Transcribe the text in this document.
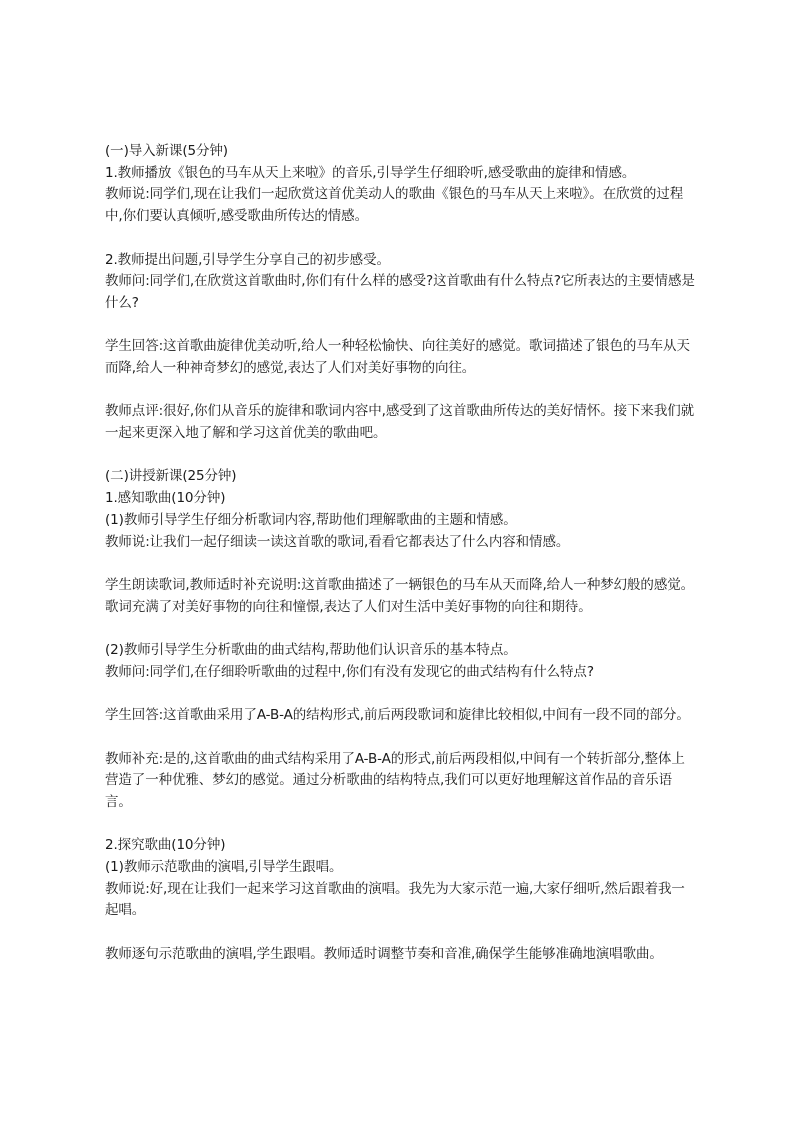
(一)导入新课(5分钟)

1.教师播放《银色的马车从天上来啦》的音乐,引导学生仔细聆听,感受歌曲的旋律和情感。

教师说:同学们,现在让我们一起欣赏这首优美动人的歌曲《银色的马车从天上来啦》。在欣赏的过程中,你们要认真倾听,感受歌曲所传达的情感。

2.教师提出问题,引导学生分享自己的初步感受。

教师问:同学们,在欣赏这首歌曲时,你们有什么样的感受?这首歌曲有什么特点?它所表达的主要情感是什么?

学生回答:这首歌曲旋律优美动听,给人一种轻松愉快、向往美好的感觉。歌词描述了银色的马车从天而降,给人一种神奇梦幻的感觉,表达了人们对美好事物的向往。

教师点评:很好,你们从音乐的旋律和歌词内容中,感受到了这首歌曲所传达的美好情怀。接下来我们就一起来更深入地了解和学习这首优美的歌曲吧。

(二)讲授新课(25分钟)

1.感知歌曲(10分钟)

(1)教师引导学生仔细分析歌词内容,帮助他们理解歌曲的主题和情感。

教师说:让我们一起仔细读一读这首歌的歌词,看看它都表达了什么内容和情感。

学生朗读歌词,教师适时补充说明:这首歌曲描述了一辆银色的马车从天而降,给人一种梦幻般的感觉。歌词充满了对美好事物的向往和憧憬,表达了人们对生活中美好事物的向往和期待。

(2)教师引导学生分析歌曲的曲式结构,帮助他们认识音乐的基本特点。

教师问:同学们,在仔细聆听歌曲的过程中,你们有没有发现它的曲式结构有什么特点?

学生回答:这首歌曲采用了A-B-A的结构形式,前后两段歌词和旋律比较相似,中间有一段不同的部分。

教师补充:是的,这首歌曲的曲式结构采用了A-B-A的形式,前后两段相似,中间有一个转折部分,整体上营造了一种优雅、梦幻的感觉。通过分析歌曲的结构特点,我们可以更好地理解这首作品的音乐语言。

2.探究歌曲(10分钟)

(1)教师示范歌曲的演唱,引导学生跟唱。

教师说:好,现在让我们一起来学习这首歌曲的演唱。我先为大家示范一遍,大家仔细听,然后跟着我一起唱。

教师逐句示范歌曲的演唱,学生跟唱。教师适时调整节奏和音准,确保学生能够准确地演唱歌曲。
